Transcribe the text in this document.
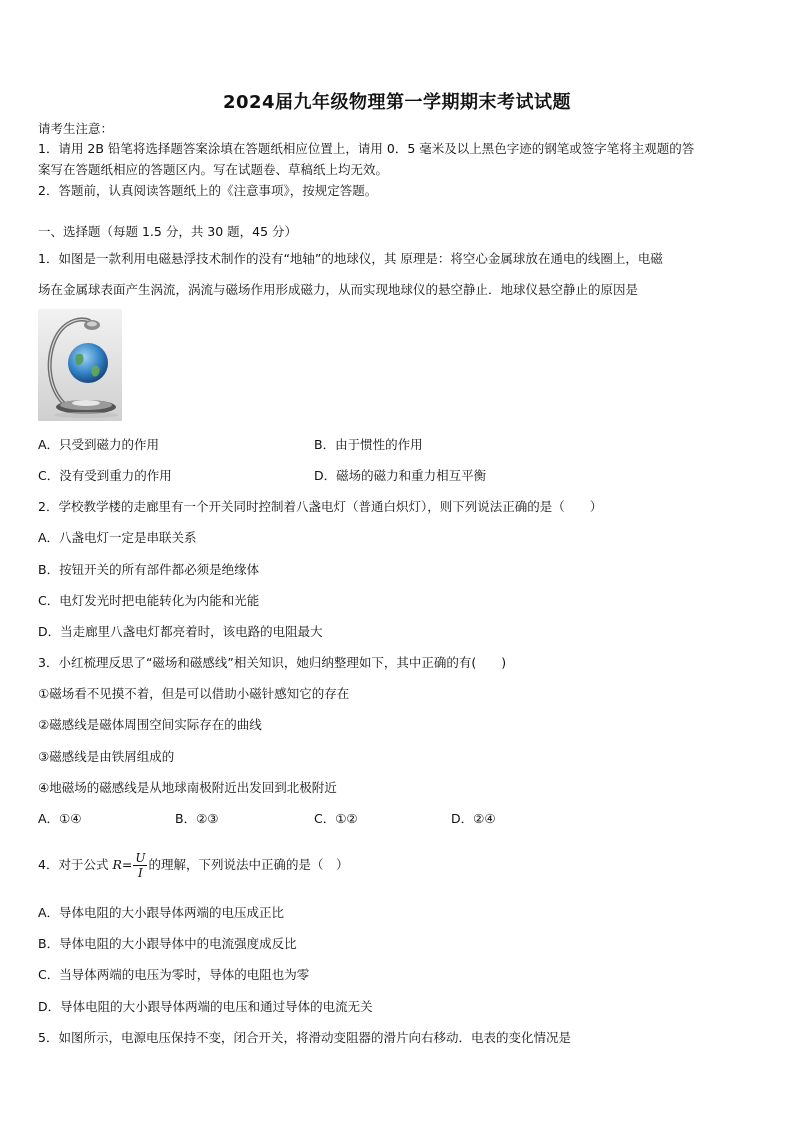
2024届九年级物理第一学期期末考试试题
请考生注意：
1．请用 2B 铅笔将选择题答案涂填在答题纸相应位置上，请用 0．5 毫米及以上黑色字迹的钢笔或签字笔将主观题的答
案写在答题纸相应的答题区内。写在试题卷、草稿纸上均无效。
2．答题前，认真阅读答题纸上的《注意事项》，按规定答题。
一、选择题（每题 1.5 分，共 30 题，45 分）
1．如图是一款利用电磁悬浮技术制作的没有“地轴”的地球仪，其 原理是：将空心金属球放在通电的线圈上，电磁
场在金属球表面产生涡流，涡流与磁场作用形成磁力，从而实现地球仪的悬空静止．地球仪悬空静止的原因是
A．只受到磁力的作用	B．由于惯性的作用
C．没有受到重力的作用	D．磁场的磁力和重力相互平衡
2．学校教学楼的走廊里有一个开关同时控制着八盏电灯（普通白炽灯），则下列说法正确的是（　　）
A．八盏电灯一定是串联关系
B．按钮开关的所有部件都必须是绝缘体
C．电灯发光时把电能转化为内能和光能
D．当走廊里八盏电灯都亮着时，该电路的电阻最大
3．小红梳理反思了“磁场和磁感线”相关知识，她归纳整理如下，其中正确的有(　　)
①磁场看不见摸不着，但是可以借助小磁针感知它的存在
②磁感线是磁体周围空间实际存在的曲线
③磁感线是由铁屑组成的
④地磁场的磁感线是从地球南极附近出发回到北极附近
A．①④	B．②③	C．①②	D．②④
4．对于公式 $R= \frac{U}{I}$ 的理解，下列说法中正确的是（　）
A．导体电阻的大小跟导体两端的电压成正比
B．导体电阻的大小跟导体中的电流强度成反比
C．当导体两端的电压为零时，导体的电阻也为零
D．导体电阻的大小跟导体两端的电压和通过导体的电流无关
5．如图所示，电源电压保持不变，闭合开关，将滑动变阻器的滑片向右移动．电表的变化情况是
